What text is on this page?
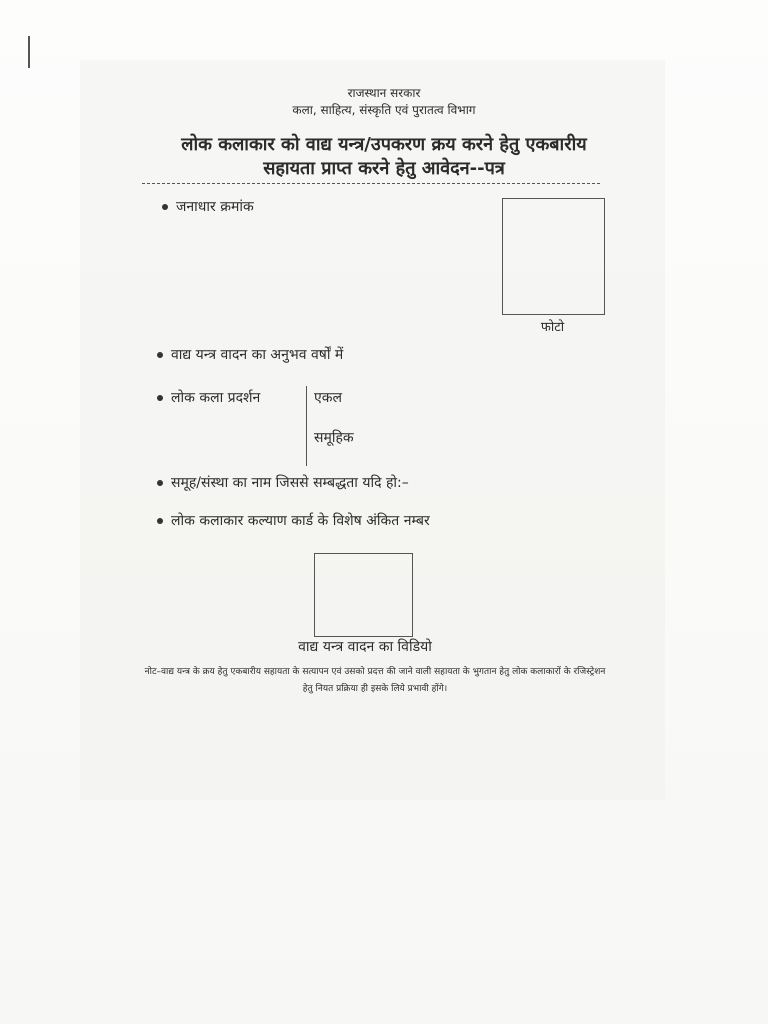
राजस्थान सरकार
कला, साहित्य, संस्कृति एवं पुरातत्व विभाग
लोक कलाकार को वाद्य यन्त्र/उपकरण क्रय करने हेतु एकबारीय
सहायता प्राप्त करने हेतु आवेदन--पत्र
जनाधार क्रमांक
फोटो
वाद्य यन्त्र वादन का अनुभव वर्षों में
लोक कला प्रदर्शन	एकल
समूहिक
समूह/संस्था का नाम जिससे सम्बद्धता यदि हो:–
लोक कलाकार कल्याण कार्ड के विशेष अंकित नम्बर
वाद्य यन्त्र वादन का विडियो
नोट–वाद्य यन्त्र के क्रय हेतु एकबारीय सहायता के सत्यापन एवं उसको प्रदत्त की जाने वाली सहायता के भुगतान हेतु लोक कलाकारों के रजिस्ट्रेशन हेतु नियत प्रक्रिया ही इसके लिये प्रभावी होंगे।
